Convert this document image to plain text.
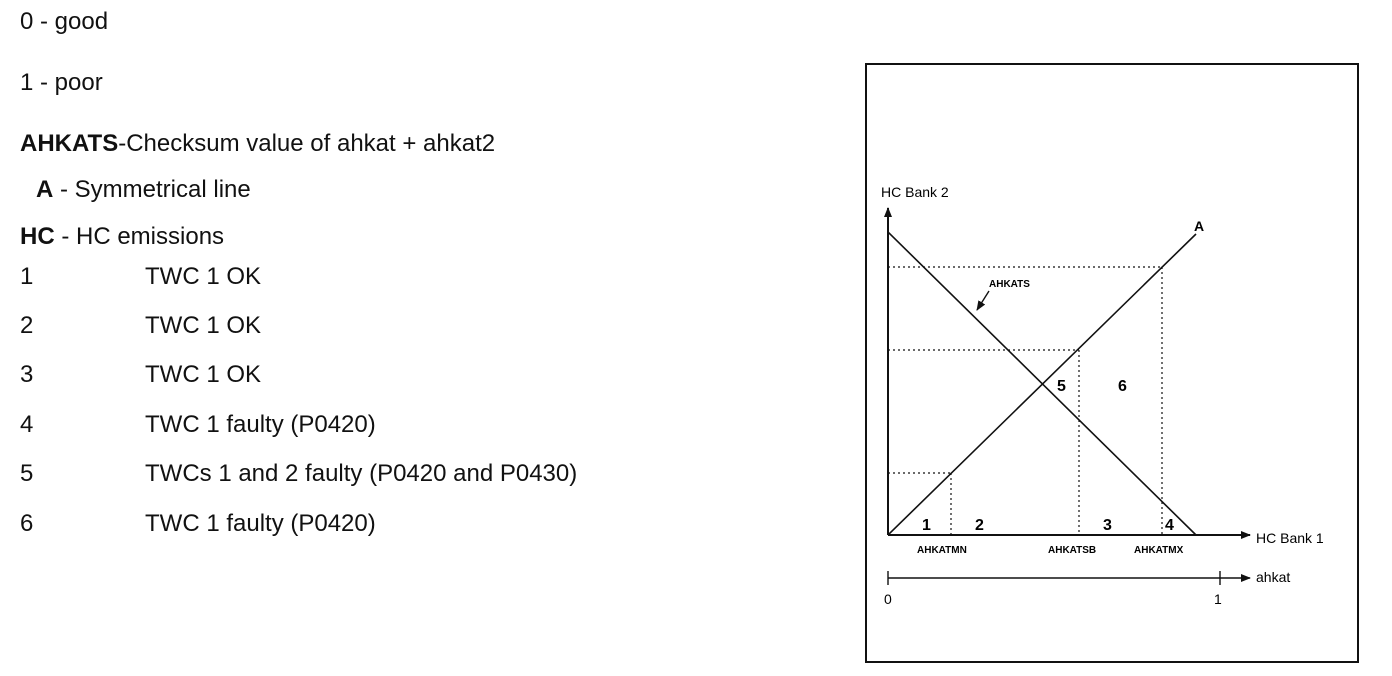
0 - good
1 - poor
AHKATS-Checksum value of ahkat + ahkat2
A - Symmetrical line
HC - HC emissions
1	TWC 1 OK
2	TWC 1 OK
3	TWC 1 OK
4	TWC 1 faulty (P0420)
5	TWCs 1 and 2 faulty (P0420 and P0430)
6	TWC 1 faulty (P0420)
HC Bank 2
HC Bank 1
A
AHKATS
AHKATMN	AHKATSB	AHKATMX
1	2	3	4
5	6
ahkat
0	1
